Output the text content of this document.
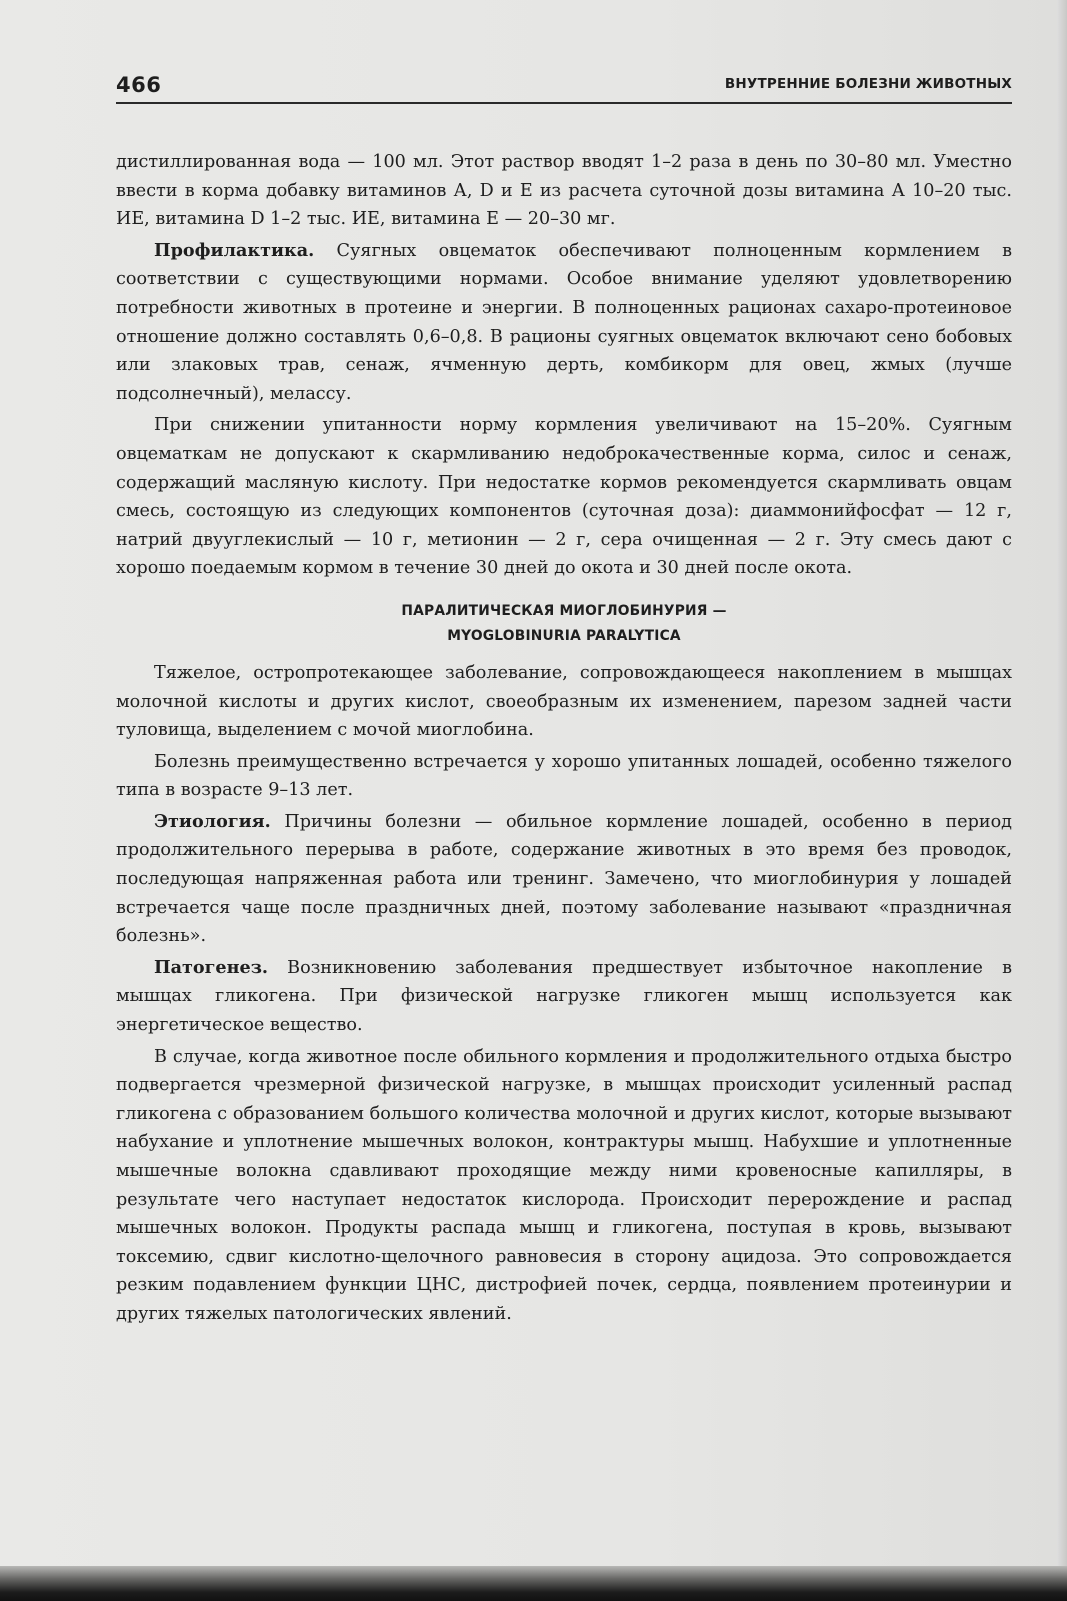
466	ВНУТРЕННИЕ БОЛЕЗНИ ЖИВОТНЫХ

дистиллированная вода — 100 мл. Этот раствор вводят 1–2 раза в день по 30–80 мл. Уместно ввести в корма добавку витаминов А, D и Е из расчета суточной дозы витамина А 10–20 тыс. ИЕ, витамина D 1–2 тыс. ИЕ, витамина Е — 20–30 мг.

Профилактика. Суягных овцематок обеспечивают полноценным кормлением в соответствии с существующими нормами. Особое внимание уделяют удовлетворению потребности животных в протеине и энергии. В полноценных рационах сахаро-протеиновое отношение должно составлять 0,6–0,8. В рационы суягных овцематок включают сено бобовых или злаковых трав, сенаж, ячменную дерть, комбикорм для овец, жмых (лучше подсолнечный), мелассу.

При снижении упитанности норму кормления увеличивают на 15–20%. Суягным овцематкам не допускают к скармливанию недоброкачественные корма, силос и сенаж, содержащий масляную кислоту. При недостатке кормов рекомендуется скармливать овцам смесь, состоящую из следующих компонентов (суточная доза): диаммонийфосфат — 12 г, натрий двууглекислый — 10 г, метионин — 2 г, сера очищенная — 2 г. Эту смесь дают с хорошо поедаемым кормом в течение 30 дней до окота и 30 дней после окота.

ПАРАЛИТИЧЕСКАЯ МИОГЛОБИНУРИЯ —
MYOGLOBINURIA PARALYTICA

Тяжелое, остропротекающее заболевание, сопровождающееся накоплением в мышцах молочной кислоты и других кислот, своеобразным их изменением, парезом задней части туловища, выделением с мочой миоглобина.

Болезнь преимущественно встречается у хорошо упитанных лошадей, особенно тяжелого типа в возрасте 9–13 лет.

Этиология. Причины болезни — обильное кормление лошадей, особенно в период продолжительного перерыва в работе, содержание животных в это время без проводок, последующая напряженная работа или тренинг. Замечено, что миоглобинурия у лошадей встречается чаще после праздничных дней, поэтому заболевание называют «праздничная болезнь».

Патогенез. Возникновению заболевания предшествует избыточное накопление в мышцах гликогена. При физической нагрузке гликоген мышц используется как энергетическое вещество.

В случае, когда животное после обильного кормления и продолжительного отдыха быстро подвергается чрезмерной физической нагрузке, в мышцах происходит усиленный распад гликогена с образованием большого количества молочной и других кислот, которые вызывают набухание и уплотнение мышечных волокон, контрактуры мышц. Набухшие и уплотненные мышечные волокна сдавливают проходящие между ними кровеносные капилляры, в результате чего наступает недостаток кислорода. Происходит перерождение и распад мышечных волокон. Продукты распада мышц и гликогена, поступая в кровь, вызывают токсемию, сдвиг кислотно-щелочного равновесия в сторону ацидоза. Это сопровождается резким подавлением функции ЦНС, дистрофией почек, сердца, появлением протеинурии и других тяжелых патологических явлений.
